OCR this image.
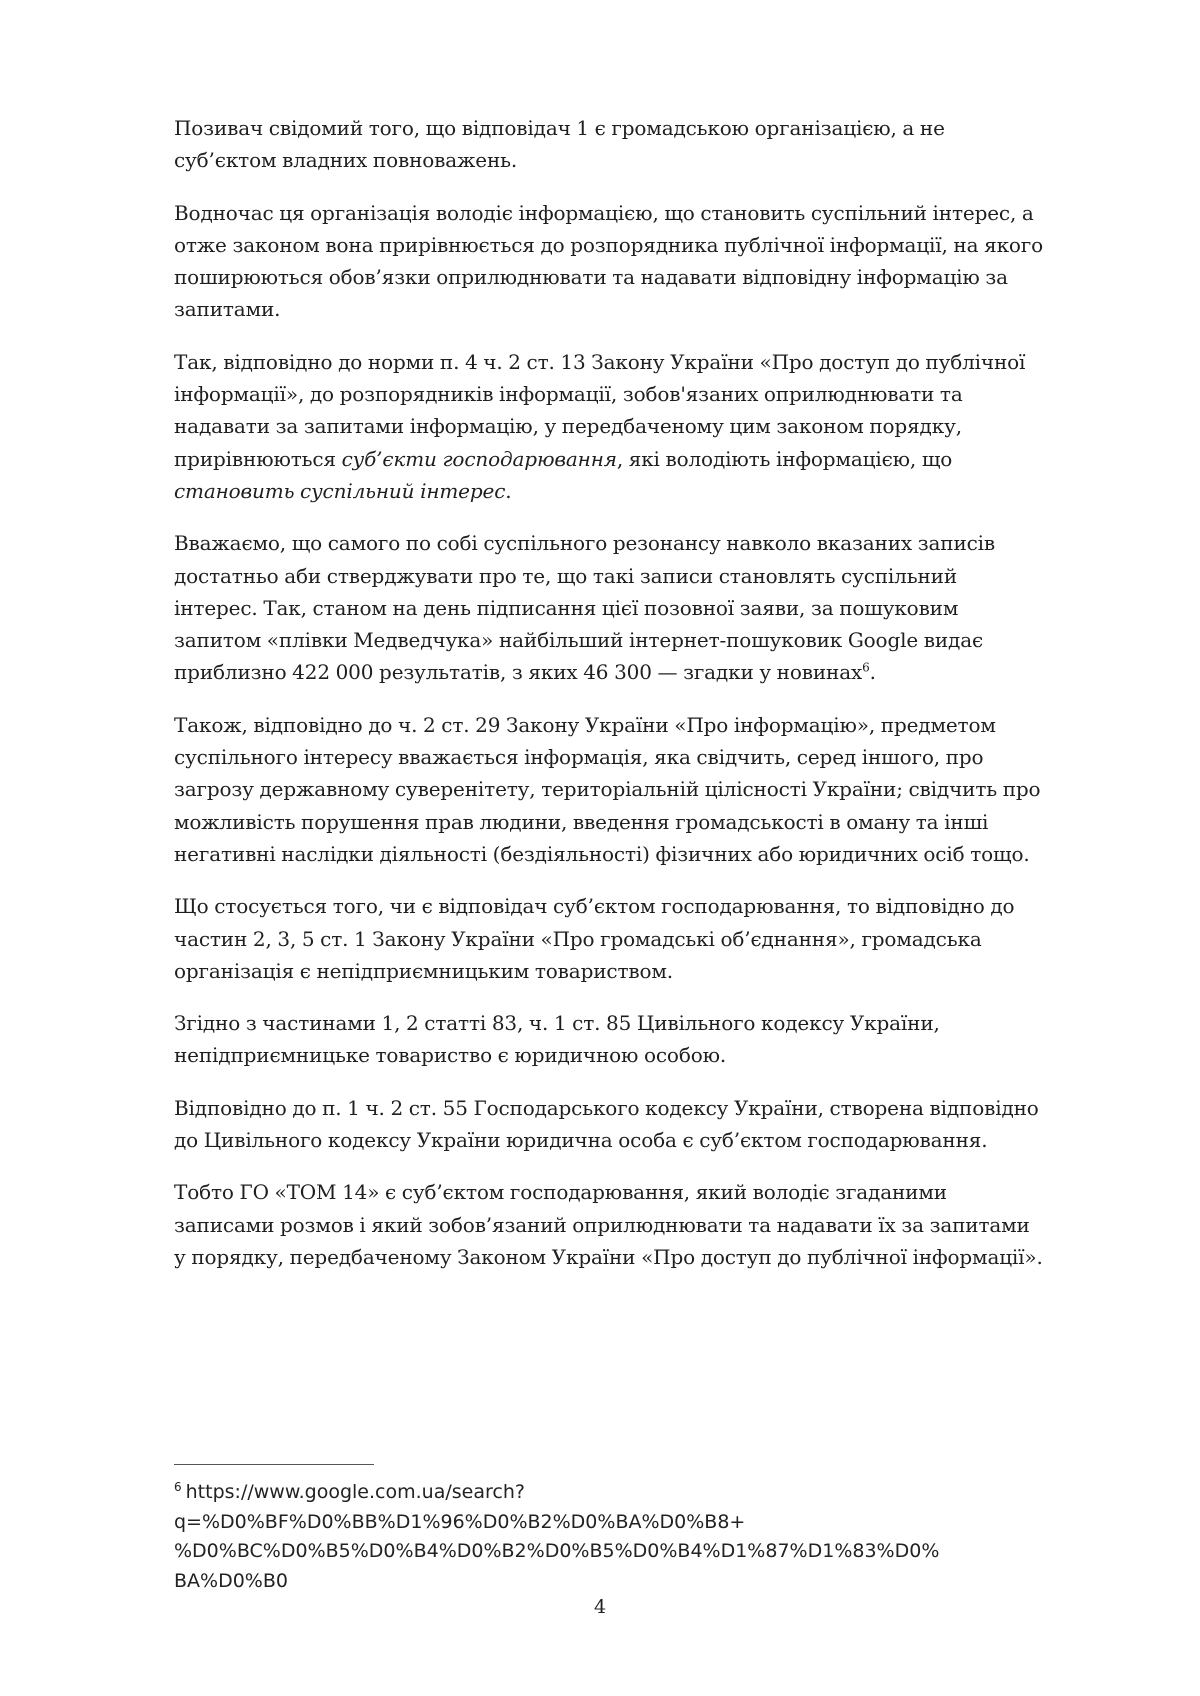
Позивач свідомий того, що відповідач 1 є громадською організацією, а не суб’єктом владних повноважень.

Водночас ця організація володіє інформацією, що становить суспільний інтерес, а отже законом вона прирівнюється до розпорядника публічної інформації, на якого поширюються обов’язки оприлюднювати та надавати відповідну інформацію за запитами.

Так, відповідно до норми п. 4 ч. 2 ст. 13 Закону України «Про доступ до публічної інформації», до розпорядників інформації, зобов'язаних оприлюднювати та надавати за запитами інформацію, у передбаченому цим законом порядку, прирівнюються суб’єкти господарювання, які володіють інформацією, що становить суспільний інтерес.

Вважаємо, що самого по собі суспільного резонансу навколо вказаних записів достатньо аби стверджувати про те, що такі записи становлять суспільний інтерес. Так, станом на день підписання цієї позовної заяви, за пошуковим запитом «плівки Медведчука» найбільший інтернет-пошуковик Google видає приблизно 422 000 результатів, з яких 46 300 — згадки у новинах$^6$.

Також, відповідно до ч. 2 ст. 29 Закону України «Про інформацію», предметом суспільного інтересу вважається інформація, яка свідчить, серед іншого, про загрозу державному суверенітету, територіальній цілісності України; свідчить про можливість порушення прав людини, введення громадськості в оману та інші негативні наслідки діяльності (бездіяльності) фізичних або юридичних осіб тощо.

Що стосується того, чи є відповідач суб’єктом господарювання, то відповідно до частин 2, 3, 5 ст. 1 Закону України «Про громадські об’єднання», громадська організація є непідприємницьким товариством.

Згідно з частинами 1, 2 статті 83, ч. 1 ст. 85 Цивільного кодексу України, непідприємницьке товариство є юридичною особою.

Відповідно до п. 1 ч. 2 ст. 55 Господарського кодексу України, створена відповідно до Цивільного кодексу України юридична особа є суб’єктом господарювання.

Тобто ГО «ТОМ 14» є суб’єктом господарювання, який володіє згаданими записами розмов і який зобов’язаний оприлюднювати та надавати їх за запитами у порядку, передбаченому Законом України «Про доступ до публічної інформації».

$^6$ https://www.google.com.ua/search?
q=%D0%BF%D0%BB%D1%96%D0%B2%D0%BA%D0%B8+
%D0%BC%D0%B5%D0%B4%D0%B2%D0%B5%D0%B4%D1%87%D1%83%D0%
BA%D0%B0
4
